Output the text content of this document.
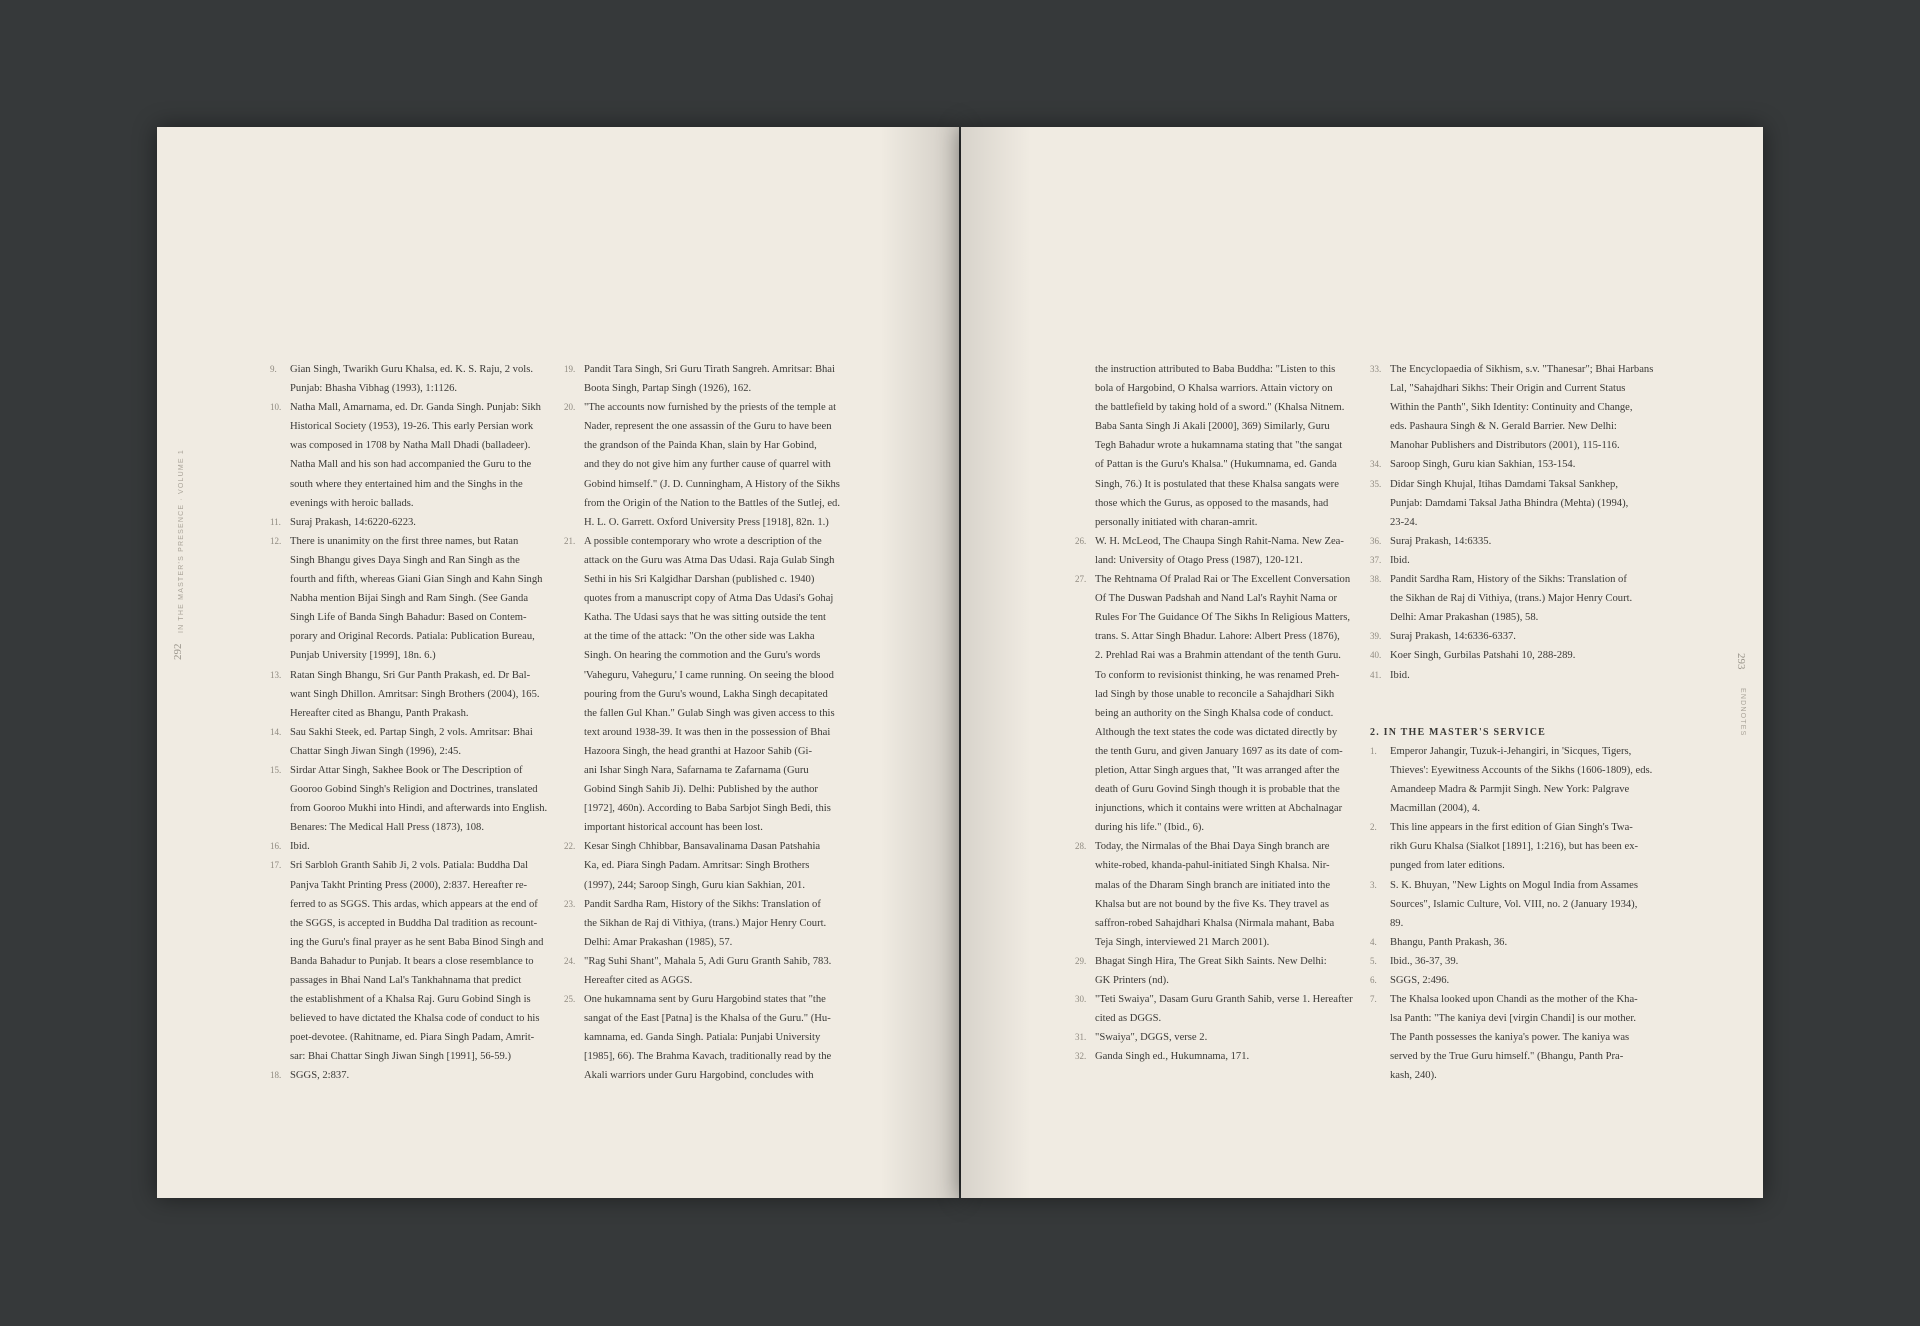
292
IN THE MASTER'S PRESENCE · VOLUME 1
293
ENDNOTES
9. Gian Singh, Twarikh Guru Khalsa, ed. K. S. Raju, 2 vols.
Punjab: Bhasha Vibhag (1993), 1:1126.
10. Natha Mall, Amarnama, ed. Dr. Ganda Singh. Punjab: Sikh
Historical Society (1953), 19-26. This early Persian work
was composed in 1708 by Natha Mall Dhadi (balladeer).
Natha Mall and his son had accompanied the Guru to the
south where they entertained him and the Singhs in the
evenings with heroic ballads.
11. Suraj Prakash, 14:6220-6223.
12. There is unanimity on the first three names, but Ratan
Singh Bhangu gives Daya Singh and Ran Singh as the
fourth and fifth, whereas Giani Gian Singh and Kahn Singh
Nabha mention Bijai Singh and Ram Singh. (See Ganda
Singh Life of Banda Singh Bahadur: Based on Contem-
porary and Original Records. Patiala: Publication Bureau,
Punjab University [1999], 18n. 6.)
13. Ratan Singh Bhangu, Sri Gur Panth Prakash, ed. Dr Bal-
want Singh Dhillon. Amritsar: Singh Brothers (2004), 165.
Hereafter cited as Bhangu, Panth Prakash.
14. Sau Sakhi Steek, ed. Partap Singh, 2 vols. Amritsar: Bhai
Chattar Singh Jiwan Singh (1996), 2:45.
15. Sirdar Attar Singh, Sakhee Book or The Description of
Gooroo Gobind Singh's Religion and Doctrines, translated
from Gooroo Mukhi into Hindi, and afterwards into English.
Benares: The Medical Hall Press (1873), 108.
16. Ibid.
17. Sri Sarbloh Granth Sahib Ji, 2 vols. Patiala: Buddha Dal
Panjva Takht Printing Press (2000), 2:837. Hereafter re-
ferred to as SGGS. This ardas, which appears at the end of
the SGGS, is accepted in Buddha Dal tradition as recount-
ing the Guru's final prayer as he sent Baba Binod Singh and
Banda Bahadur to Punjab. It bears a close resemblance to
passages in Bhai Nand Lal's Tankhahnama that predict
the establishment of a Khalsa Raj. Guru Gobind Singh is
believed to have dictated the Khalsa code of conduct to his
poet-devotee. (Rahitname, ed. Piara Singh Padam, Amrit-
sar: Bhai Chattar Singh Jiwan Singh [1991], 56-59.)
18. SGGS, 2:837.
19. Pandit Tara Singh, Sri Guru Tirath Sangreh. Amritsar: Bhai
Boota Singh, Partap Singh (1926), 162.
20. "The accounts now furnished by the priests of the temple at
Nader, represent the one assassin of the Guru to have been
the grandson of the Painda Khan, slain by Har Gobind,
and they do not give him any further cause of quarrel with
Gobind himself." (J. D. Cunningham, A History of the Sikhs
from the Origin of the Nation to the Battles of the Sutlej, ed.
H. L. O. Garrett. Oxford University Press [1918], 82n. 1.)
21. A possible contemporary who wrote a description of the
attack on the Guru was Atma Das Udasi. Raja Gulab Singh
Sethi in his Sri Kalgidhar Darshan (published c. 1940)
quotes from a manuscript copy of Atma Das Udasi's Gohaj
Katha. The Udasi says that he was sitting outside the tent
at the time of the attack: "On the other side was Lakha
Singh. On hearing the commotion and the Guru's words
'Vaheguru, Vaheguru,' I came running. On seeing the blood
pouring from the Guru's wound, Lakha Singh decapitated
the fallen Gul Khan." Gulab Singh was given access to this
text around 1938-39. It was then in the possession of Bhai
Hazoora Singh, the head granthi at Hazoor Sahib (Gi-
ani Ishar Singh Nara, Safarnama te Zafarnama (Guru
Gobind Singh Sahib Ji). Delhi: Published by the author
[1972], 460n). According to Baba Sarbjot Singh Bedi, this
important historical account has been lost.
22. Kesar Singh Chhibbar, Bansavalinama Dasan Patshahia
Ka, ed. Piara Singh Padam. Amritsar: Singh Brothers
(1997), 244; Saroop Singh, Guru kian Sakhian, 201.
23. Pandit Sardha Ram, History of the Sikhs: Translation of
the Sikhan de Raj di Vithiya, (trans.) Major Henry Court.
Delhi: Amar Prakashan (1985), 57.
24. "Rag Suhi Shant", Mahala 5, Adi Guru Granth Sahib, 783.
Hereafter cited as AGGS.
25. One hukamnama sent by Guru Hargobind states that "the
sangat of the East [Patna] is the Khalsa of the Guru." (Hu-
kamnama, ed. Ganda Singh. Patiala: Punjabi University
[1985], 66). The Brahma Kavach, traditionally read by the
Akali warriors under Guru Hargobind, concludes with
the instruction attributed to Baba Buddha: "Listen to this
bola of Hargobind, O Khalsa warriors. Attain victory on
the battlefield by taking hold of a sword." (Khalsa Nitnem.
Baba Santa Singh Ji Akali [2000], 369) Similarly, Guru
Tegh Bahadur wrote a hukamnama stating that "the sangat
of Pattan is the Guru's Khalsa." (Hukumnama, ed. Ganda
Singh, 76.) It is postulated that these Khalsa sangats were
those which the Gurus, as opposed to the masands, had
personally initiated with charan-amrit.
26. W. H. McLeod, The Chaupa Singh Rahit-Nama. New Zea-
land: University of Otago Press (1987), 120-121.
27. The Rehtnama Of Pralad Rai or The Excellent Conversation
Of The Duswan Padshah and Nand Lal's Rayhit Nama or
Rules For The Guidance Of The Sikhs In Religious Matters,
trans. S. Attar Singh Bhadur. Lahore: Albert Press (1876),
2. Prehlad Rai was a Brahmin attendant of the tenth Guru.
To conform to revisionist thinking, he was renamed Preh-
lad Singh by those unable to reconcile a Sahajdhari Sikh
being an authority on the Singh Khalsa code of conduct.
Although the text states the code was dictated directly by
the tenth Guru, and given January 1697 as its date of com-
pletion, Attar Singh argues that, "It was arranged after the
death of Guru Govind Singh though it is probable that the
injunctions, which it contains were written at Abchalnagar
during his life." (Ibid., 6).
28. Today, the Nirmalas of the Bhai Daya Singh branch are
white-robed, khanda-pahul-initiated Singh Khalsa. Nir-
malas of the Dharam Singh branch are initiated into the
Khalsa but are not bound by the five Ks. They travel as
saffron-robed Sahajdhari Khalsa (Nirmala mahant, Baba
Teja Singh, interviewed 21 March 2001).
29. Bhagat Singh Hira, The Great Sikh Saints. New Delhi:
GK Printers (nd).
30. "Teti Swaiya", Dasam Guru Granth Sahib, verse 1. Hereafter
cited as DGGS.
31. "Swaiya", DGGS, verse 2.
32. Ganda Singh ed., Hukumnama, 171.
33. The Encyclopaedia of Sikhism, s.v. "Thanesar"; Bhai Harbans
Lal, "Sahajdhari Sikhs: Their Origin and Current Status
Within the Panth", Sikh Identity: Continuity and Change,
eds. Pashaura Singh & N. Gerald Barrier. New Delhi:
Manohar Publishers and Distributors (2001), 115-116.
34. Saroop Singh, Guru kian Sakhian, 153-154.
35. Didar Singh Khujal, Itihas Damdami Taksal Sankhep,
Punjab: Damdami Taksal Jatha Bhindra (Mehta) (1994),
23-24.
36. Suraj Prakash, 14:6335.
37. Ibid.
38. Pandit Sardha Ram, History of the Sikhs: Translation of
the Sikhan de Raj di Vithiya, (trans.) Major Henry Court.
Delhi: Amar Prakashan (1985), 58.
39. Suraj Prakash, 14:6336-6337.
40. Koer Singh, Gurbilas Patshahi 10, 288-289.
41. Ibid.
2. IN THE MASTER'S SERVICE
1. Emperor Jahangir, Tuzuk-i-Jehangiri, in 'Sicques, Tigers,
Thieves': Eyewitness Accounts of the Sikhs (1606-1809), eds.
Amandeep Madra & Parmjit Singh. New York: Palgrave
Macmillan (2004), 4.
2. This line appears in the first edition of Gian Singh's Twa-
rikh Guru Khalsa (Sialkot [1891], 1:216), but has been ex-
punged from later editions.
3. S. K. Bhuyan, "New Lights on Mogul India from Assames
Sources", Islamic Culture, Vol. VIII, no. 2 (January 1934),
89.
4. Bhangu, Panth Prakash, 36.
5. Ibid., 36-37, 39.
6. SGGS, 2:496.
7. The Khalsa looked upon Chandi as the mother of the Kha-
lsa Panth: "The kaniya devi [virgin Chandi] is our mother.
The Panth possesses the kaniya's power. The kaniya was
served by the True Guru himself." (Bhangu, Panth Pra-
kash, 240).
